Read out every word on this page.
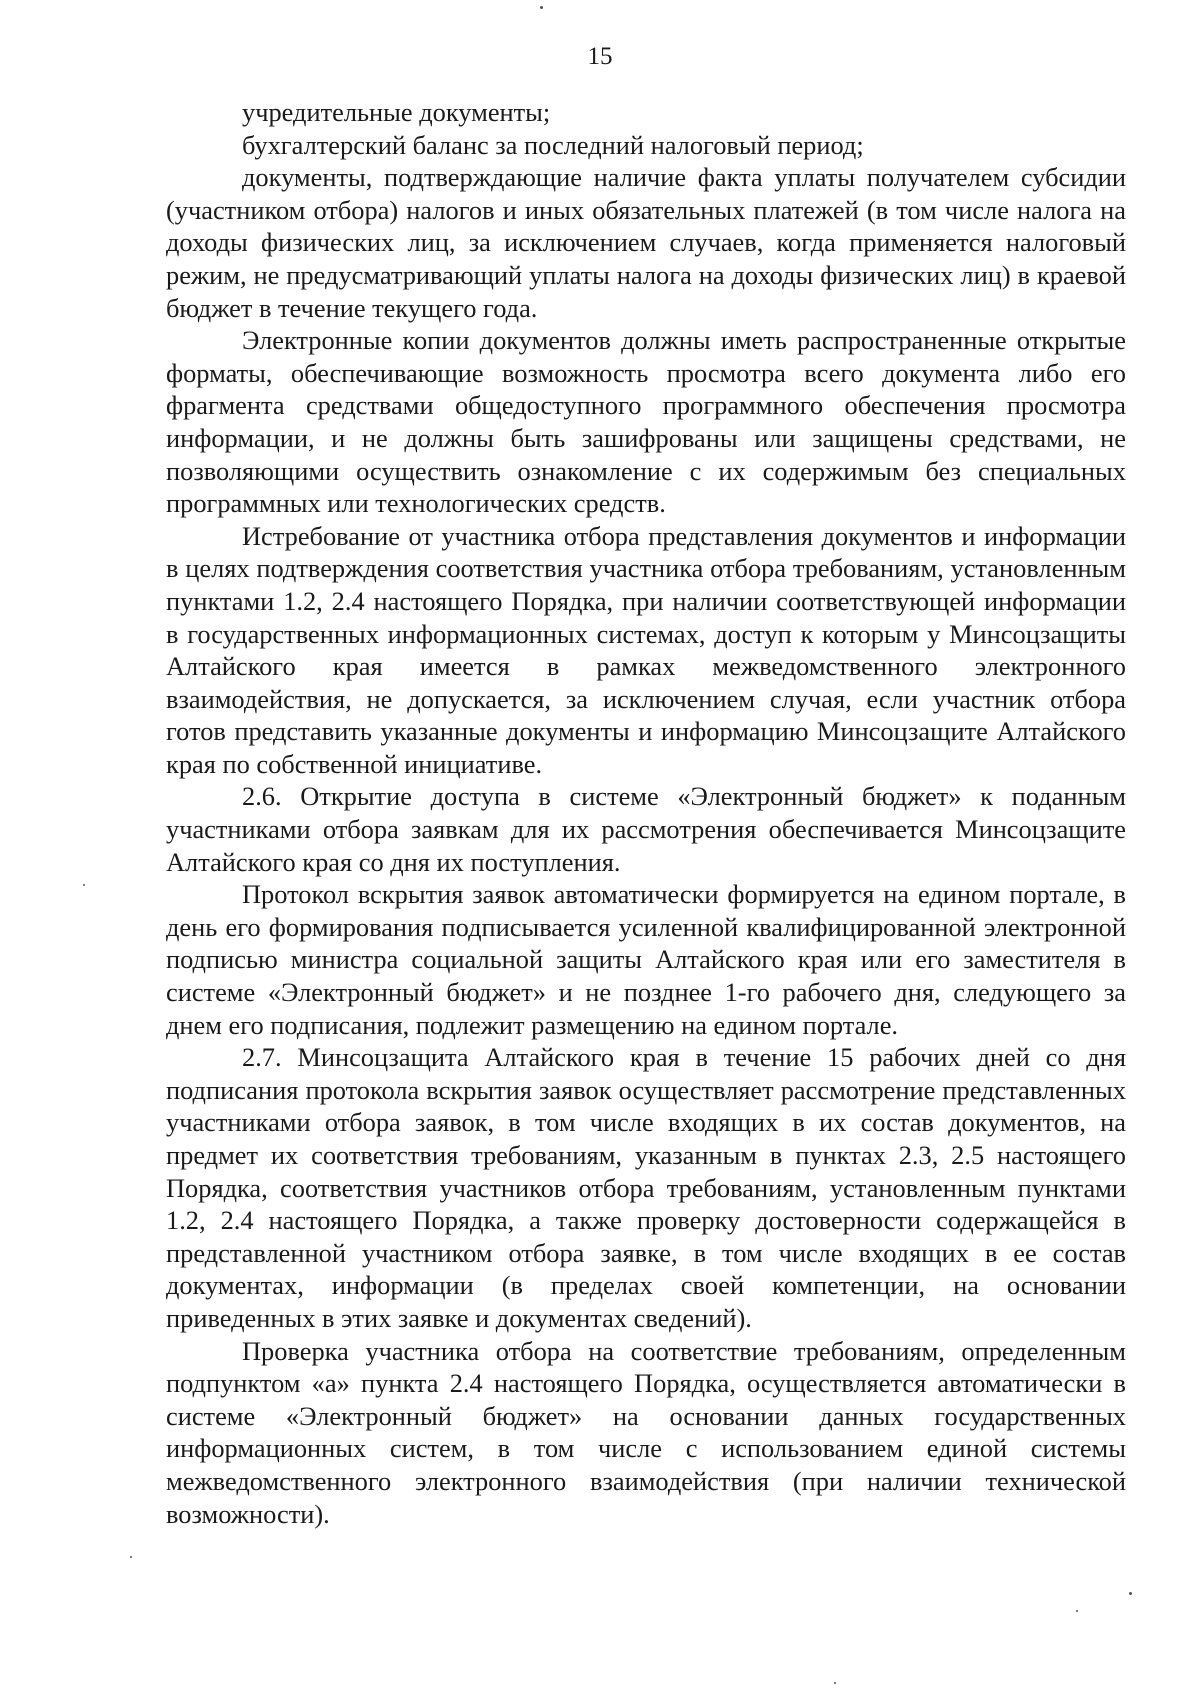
15

учредительные документы;

бухгалтерский баланс за последний налоговый период;

документы, подтверждающие наличие факта уплаты получателем субсидии (участником отбора) налогов и иных обязательных платежей (в том числе налога на доходы физических лиц, за исключением случаев, когда применяется налоговый режим, не предусматривающий уплаты налога на доходы физических лиц) в краевой бюджет в течение текущего года.

Электронные копии документов должны иметь распространенные открытые форматы, обеспечивающие возможность просмотра всего документа либо его фрагмента средствами общедоступного программного обеспечения просмотра информации, и не должны быть зашифрованы или защищены средствами, не позволяющими осуществить ознакомление с их содержимым без специальных программных или технологических средств.

Истребование от участника отбора представления документов и информации в целях подтверждения соответствия участника отбора требованиям, установленным пунктами 1.2, 2.4 настоящего Порядка, при наличии соответствующей информации в государственных информационных системах, доступ к которым у Минсоцзащиты Алтайского края имеется в рамках межведомственного электронного взаимодействия, не допускается, за исключением случая, если участник отбора готов представить указанные документы и информацию Минсоцзащите Алтайского края по собственной инициативе.

2.6. Открытие доступа в системе «Электронный бюджет» к поданным участниками отбора заявкам для их рассмотрения обеспечивается Минсоцзащите Алтайского края со дня их поступления.

Протокол вскрытия заявок автоматически формируется на едином портале, в день его формирования подписывается усиленной квалифицированной электронной подписью министра социальной защиты Алтайского края или его заместителя в системе «Электронный бюджет» и не позднее 1-го рабочего дня, следующего за днем его подписания, подлежит размещению на едином портале.

2.7. Минсоцзащита Алтайского края в течение 15 рабочих дней со дня подписания протокола вскрытия заявок осуществляет рассмотрение представленных участниками отбора заявок, в том числе входящих в их состав документов, на предмет их соответствия требованиям, указанным в пунктах 2.3, 2.5 настоящего Порядка, соответствия участников отбора требованиям, установленным пунктами 1.2, 2.4 настоящего Порядка, а также проверку достоверности содержащейся в представленной участником отбора заявке, в том числе входящих в ее состав документах, информации (в пределах своей компетенции, на основании приведенных в этих заявке и документах сведений).

Проверка участника отбора на соответствие требованиям, определенным подпунктом «а» пункта 2.4 настоящего Порядка, осуществляется автоматически в системе «Электронный бюджет» на основании данных государственных информационных систем, в том числе с использованием единой системы межведомственного электронного взаимодействия (при наличии технической возможности).
